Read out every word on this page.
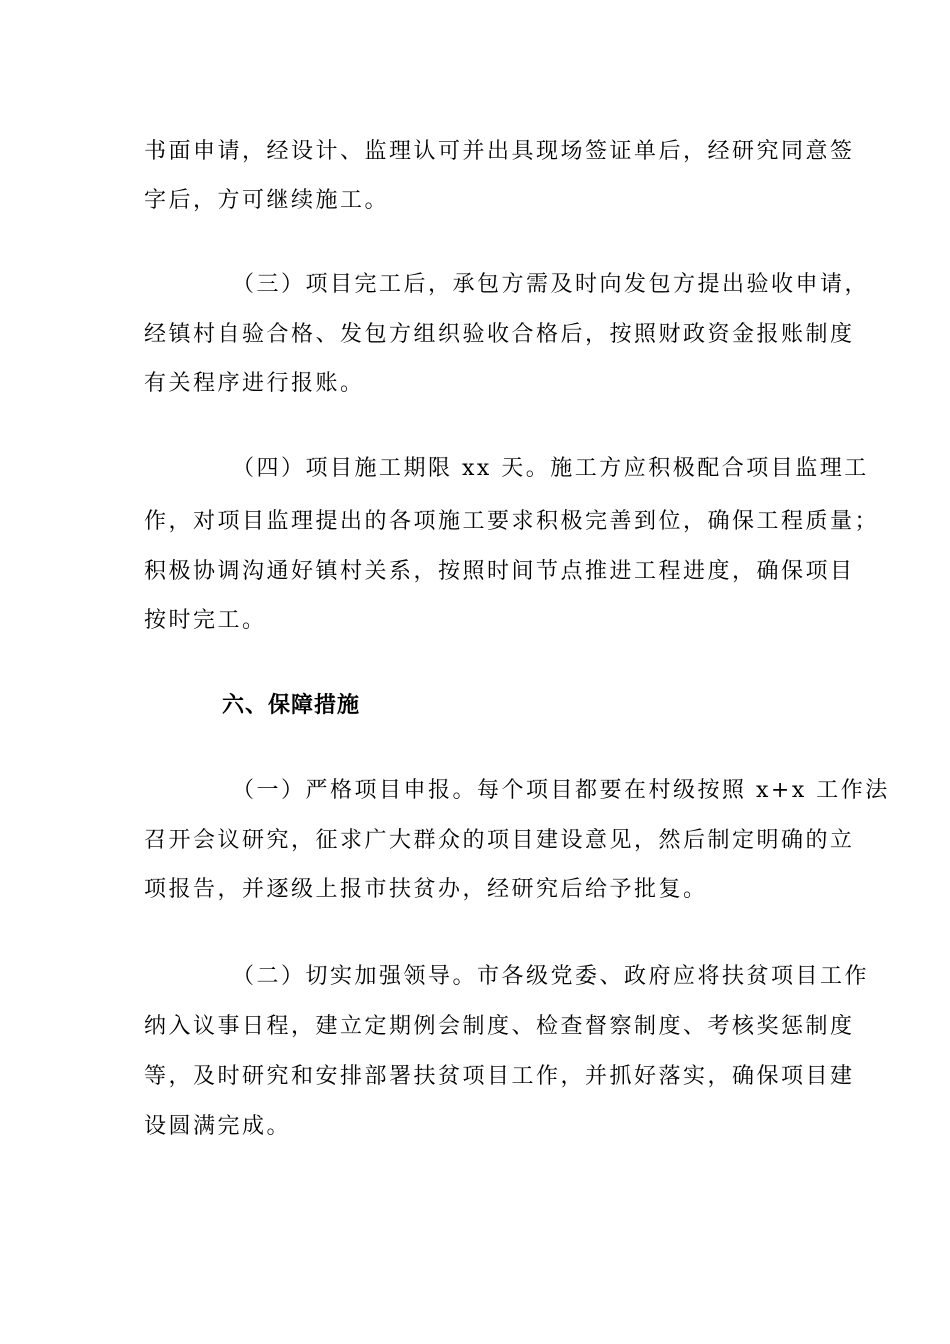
书面申请，经设计、监理认可并出具现场签证单后，经研究同意签
字后，方可继续施工。
（三）项目完工后，承包方需及时向发包方提出验收申请，
经镇村自验合格、发包方组织验收合格后，按照财政资金报账制度
有关程序进行报账。
（四）项目施工期限 xx 天。施工方应积极配合项目监理工
作，对项目监理提出的各项施工要求积极完善到位，确保工程质量；
积极协调沟通好镇村关系，按照时间节点推进工程进度，确保项目
按时完工。
六、保障措施
（一）严格项目申报。每个项目都要在村级按照 x+x 工作法
召开会议研究，征求广大群众的项目建设意见，然后制定明确的立
项报告，并逐级上报市扶贫办，经研究后给予批复。
（二）切实加强领导。市各级党委、政府应将扶贫项目工作
纳入议事日程，建立定期例会制度、检查督察制度、考核奖惩制度
等，及时研究和安排部署扶贫项目工作，并抓好落实，确保项目建
设圆满完成。
